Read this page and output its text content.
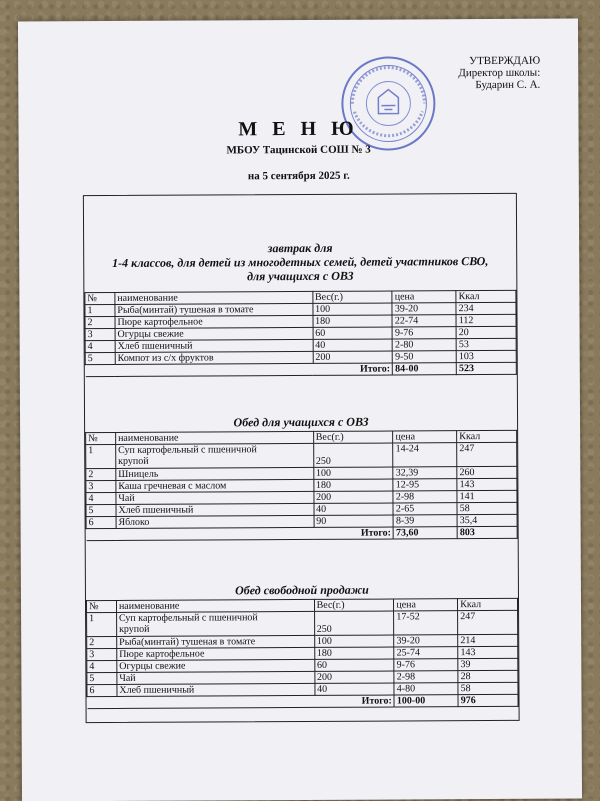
УТВЕРЖДАЮ
Директор школы:
Бударин С. А.
М Е Н Ю
МБОУ Тацинской СОШ № 3
на 5 сентября 2025 г.
завтрак для
1-4 классов, для детей из многодетных семей, детей участников СВО,
для учащихся с ОВЗ
№	наименование	Вес(г.)	цена	Ккал
1	Рыба(минтай) тушеная в томате	100	39-20	234
2	Пюре картофельное	180	22-74	112
3	Огурцы свежие	60	9-76	20
4	Хлеб пшеничный	40	2-80	53
5	Компот из с/х фруктов	200	9-50	103
		Итого:	84-00	523
Обед для учащихся с ОВЗ
№	наименование	Вес(г.)	цена	Ккал
1	Суп картофельный с пшеничной
крупой	250	14-24	247
2	Шницель	100	32,39	260
3	Каша гречневая с маслом	180	12-95	143
4	Чай	200	2-98	141
5	Хлеб пшеничный	40	2-65	58
6	Яблоко	90	8-39	35,4
		Итого:	73,60	803
Обед свободной продажи
№	наименование	Вес(г.)	цена	Ккал
1	Суп картофельный с пшеничной
крупой	250	17-52	247
2	Рыба(минтай) тушеная в томате	100	39-20	214
3	Пюре картофельное	180	25-74	143
4	Огурцы свежие	60	9-76	39
5	Чай	200	2-98	28
6	Хлеб пшеничный	40	4-80	58
		Итого:	100-00	976
